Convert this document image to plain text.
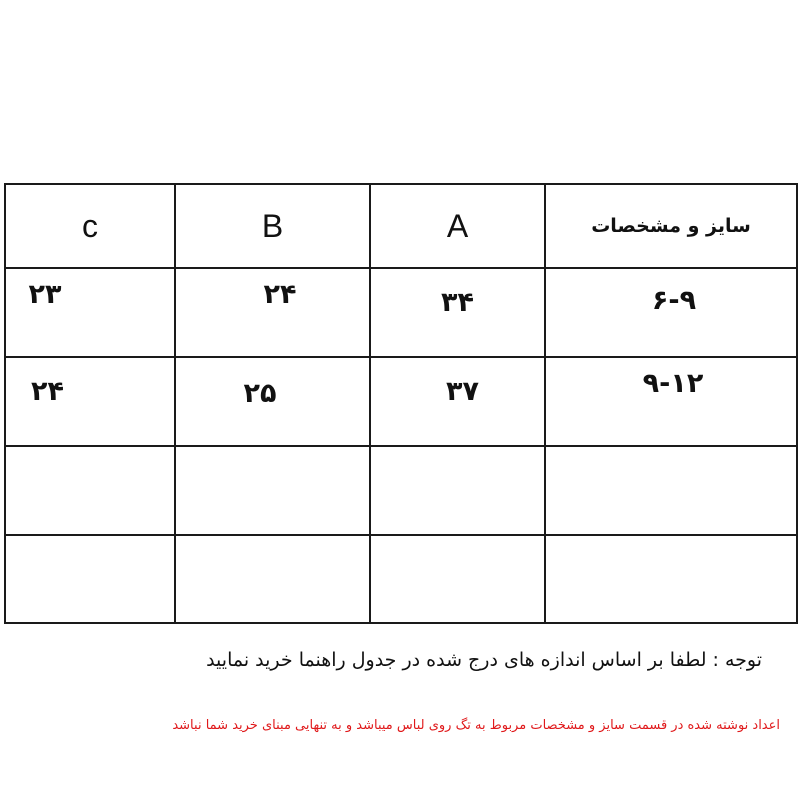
c	B	A	سایز و مشخصات

۲۳	۲۴	۳۴	۶-۹

۲۴	۲۵	۳۷	۹-۱۲

توجه : لطفا بر اساس اندازه های درج شده در جدول راهنما خرید نمایید
اعداد نوشته شده در قسمت سایز و مشخصات مربوط به تگ روی لباس میباشد و به تنهایی مبنای خرید شما نباشد
